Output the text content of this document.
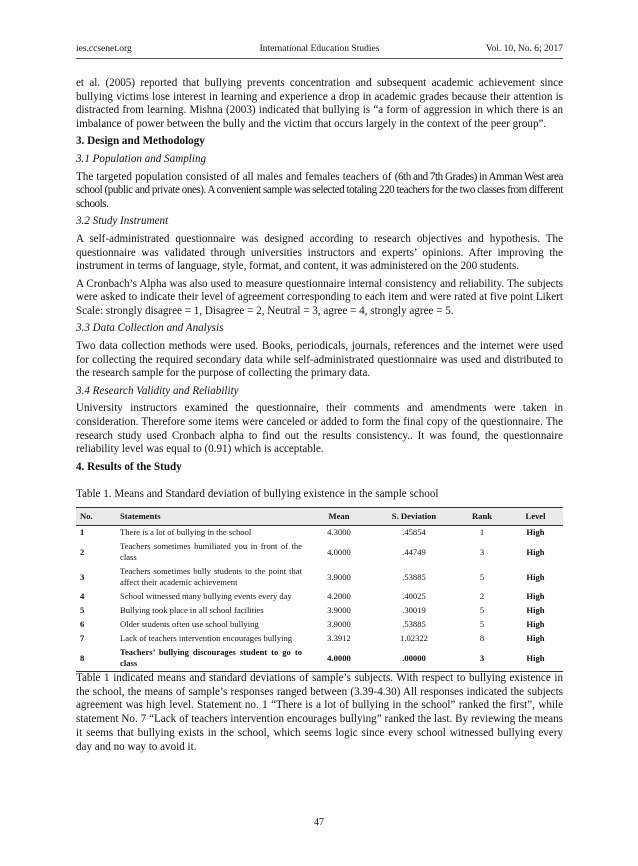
ies.ccsenet.org	International Education Studies	Vol. 10, No. 6; 2017

et al. (2005) reported that bullying prevents concentration and subsequent academic achievement since bullying victims lose interest in learning and experience a drop in academic grades because their attention is distracted from learning. Mishna (2003) indicated that bullying is “a form of aggression in which there is an imbalance of power between the bully and the victim that occurs largely in the context of the peer group”.

3. Design and Methodology
3.1 Population and Sampling

The targeted population consisted of all males and females teachers of (6th and 7th Grades) in Amman West area school (public and private ones). A convenient sample was selected totaling 220 teachers for the two classes from different schools.

3.2 Study Instrument

A self-administrated questionnaire was designed according to research objectives and hypothesis. The questionnaire was validated through universities instructors and experts’ opinions. After improving the instrument in terms of language, style, format, and content, it was administered on the 200 students.

A Cronbach’s Alpha was also used to measure questionnaire internal consistency and reliability. The subjects were asked to indicate their level of agreement corresponding to each item and were rated at five point Likert Scale: strongly disagree = 1, Disagree = 2, Neutral = 3, agree = 4, strongly agree = 5.

3.3 Data Collection and Analysis

Two data collection methods were used. Books, periodicals, journals, references and the internet were used for collecting the required secondary data while self-administrated questionnaire was used and distributed to the research sample for the purpose of collecting the primary data.

3.4 Research Validity and Reliability

University instructors examined the questionnaire, their comments and amendments were taken in consideration. Therefore some items were canceled or added to form the final copy of the questionnaire. The research study used Cronbach alpha to find out the results consistency.. It was found, the questionnaire reliability level was equal to (0.91) which is acceptable.

4. Results of the Study
Table 1. Means and Standard deviation of bullying existence in the sample school
No.	Statements	Mean	S. Deviation	Rank	Level
1	There is a lot of bullying in the school	4.3000	.45854	1	High
2	Teachers sometimes humiliated you in front of the class	4.0000	.44749	3	High
3	Teachers sometimes bully students to the point that affect their academic achievement	3.9000	.53885	5	High
4	School witnessed many bullying events every day	4.2000	.40025	2	High
5	Bullying took place in all school facilities	3.9000	.30019	5	High
6	Older students often use school bullying	3.9000	.53885	5	High
7	Lack of teachers intervention encourages bullying	3.3912	1.02322	8	High
8	Teachers’ bullying discourages student to go to class	4.0000	.00000	3	High

Table 1 indicated means and standard deviations of sample’s subjects. With respect to bullying existence in the school, the means of sample’s responses ranged between (3.39-4.30) All responses indicated the subjects agreement was high level. Statement no. 1 “There is a lot of bullying in the school” ranked the first”, while statement No. 7 “Lack of teachers intervention encourages bullying” ranked the last. By reviewing the means it seems that bullying exists in the school, which seems logic since every school witnessed bullying every day and no way to avoid it.

47
